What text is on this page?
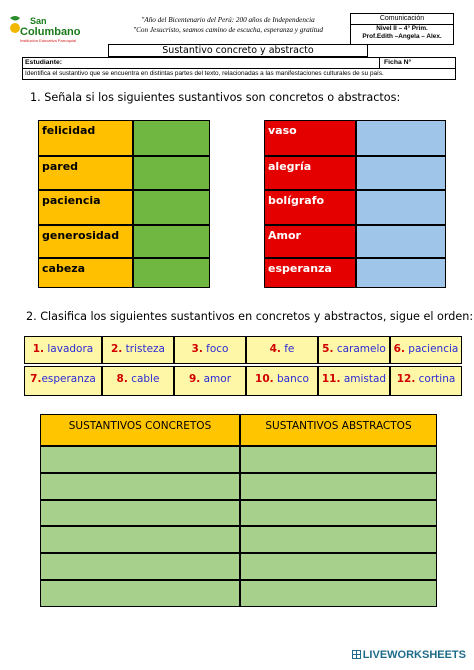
San
Columbano
Institución Educativa Parroquial
"Año del Bicentenario del Perú: 200 años de Independencia
"Con Jesucristo, seamos camino de escucha, esperanza y gratitud
Comunicación
Nivel II – 4° Prim.
Prof.Edith –Angela – Alex.
Sustantivo concreto y abstracto
Estudiante:	Ficha N°
Identifica el sustantivo que se encuentra en distintas partes del texto, relacionadas a las manifestaciones culturales de su país.
1. Señala si los siguientes sustantivos son concretos o abstractos:
felicidad
pared
paciencia
generosidad
cabeza
vaso
alegría
bolígrafo
Amor
esperanza
2. Clasifica los siguientes sustantivos en concretos y abstractos, sigue el orden:
1. lavadora	2. tristeza	3. foco	4. fe	5. caramelo 6. paciencia
7.esperanza	8. cable	9. amor	10. banco	11. amistad	12. cortina
SUSTANTIVOS CONCRETOS	SUSTANTIVOS ABSTRACTOS
LIVEWORKSHEETS
